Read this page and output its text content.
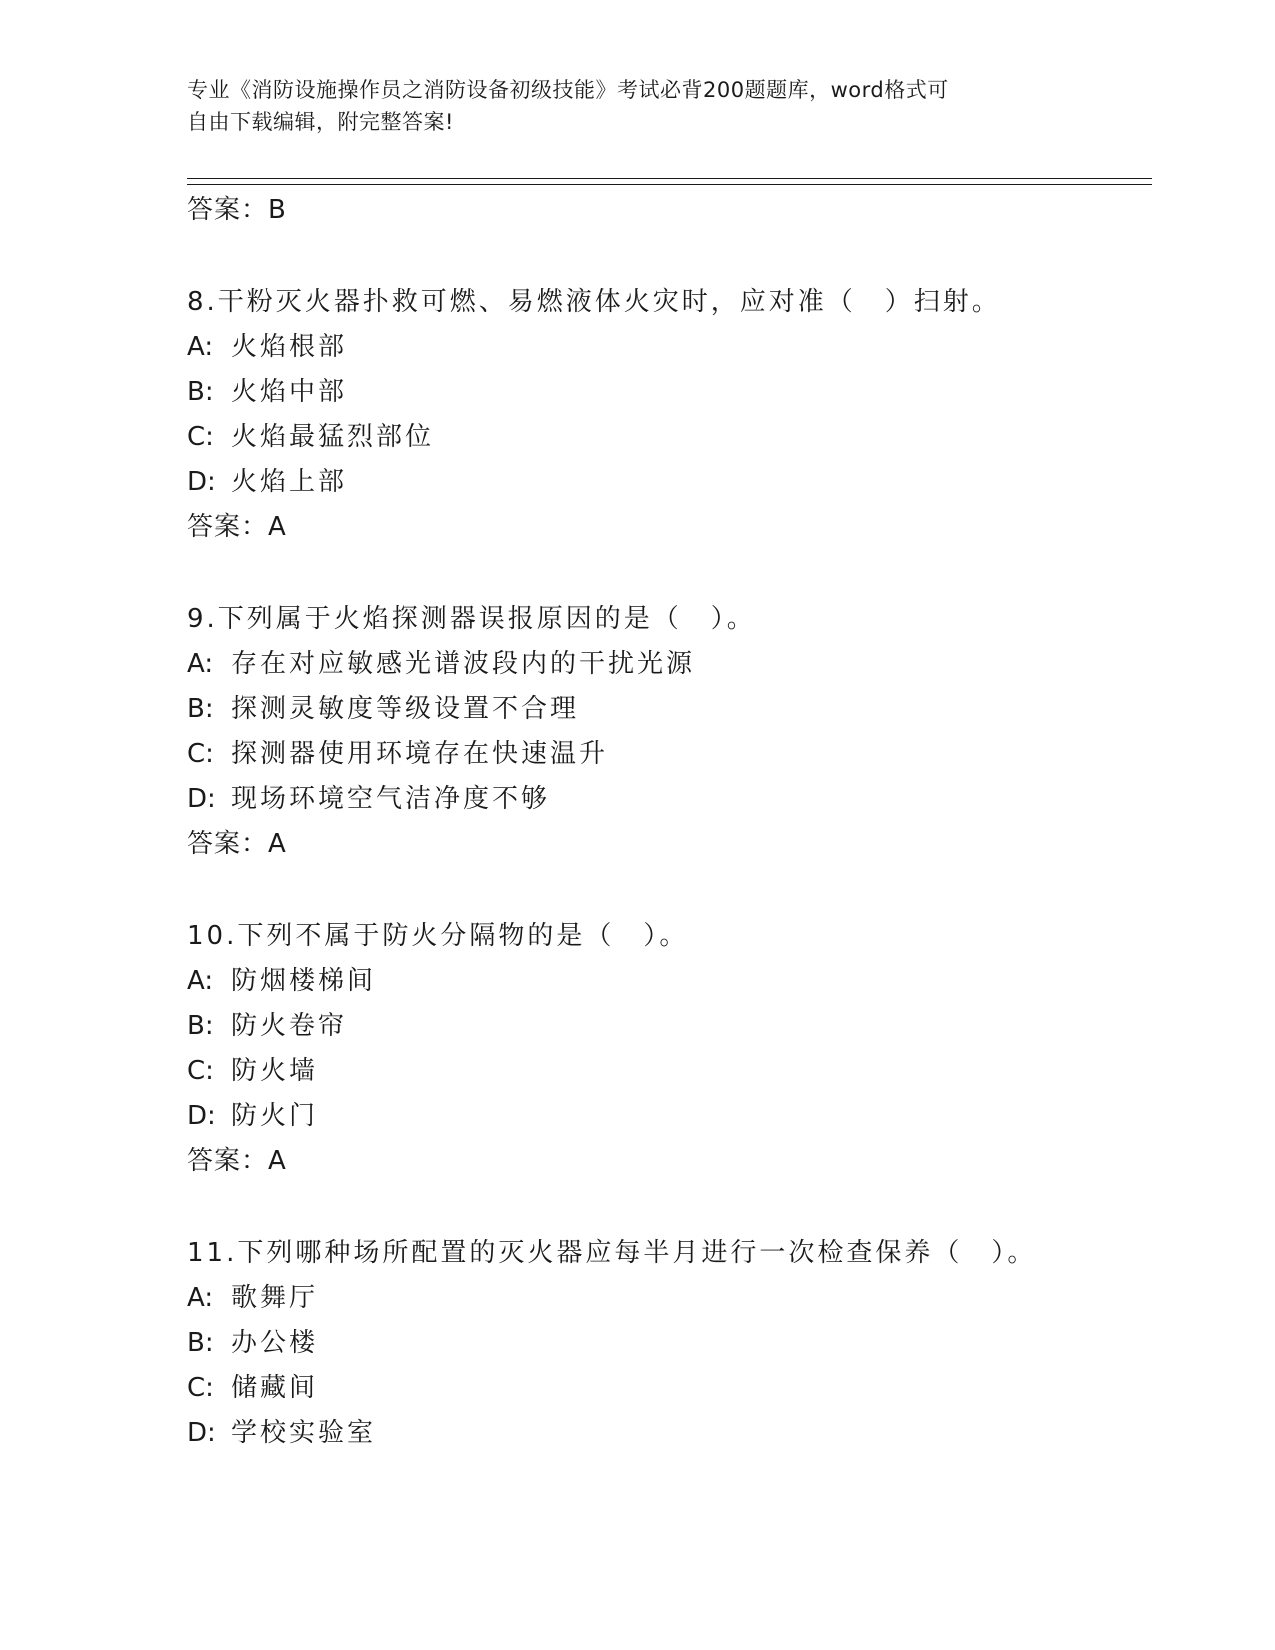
专业《消防设施操作员之消防设备初级技能》考试必背200题题库，word格式可
自由下载编辑，附完整答案!
答案：B
8.干粉灭火器扑救可燃、易燃液体火灾时，应对准（　）扫射。
A: 火焰根部
B: 火焰中部
C: 火焰最猛烈部位
D: 火焰上部
答案：A
9.下列属于火焰探测器误报原因的是（　）。
A: 存在对应敏感光谱波段内的干扰光源
B: 探测灵敏度等级设置不合理
C: 探测器使用环境存在快速温升
D: 现场环境空气洁净度不够
答案：A
10.下列不属于防火分隔物的是（　）。
A: 防烟楼梯间
B: 防火卷帘
C: 防火墙
D: 防火门
答案：A
11.下列哪种场所配置的灭火器应每半月进行一次检查保养（　）。
A: 歌舞厅
B: 办公楼
C: 储藏间
D: 学校实验室
